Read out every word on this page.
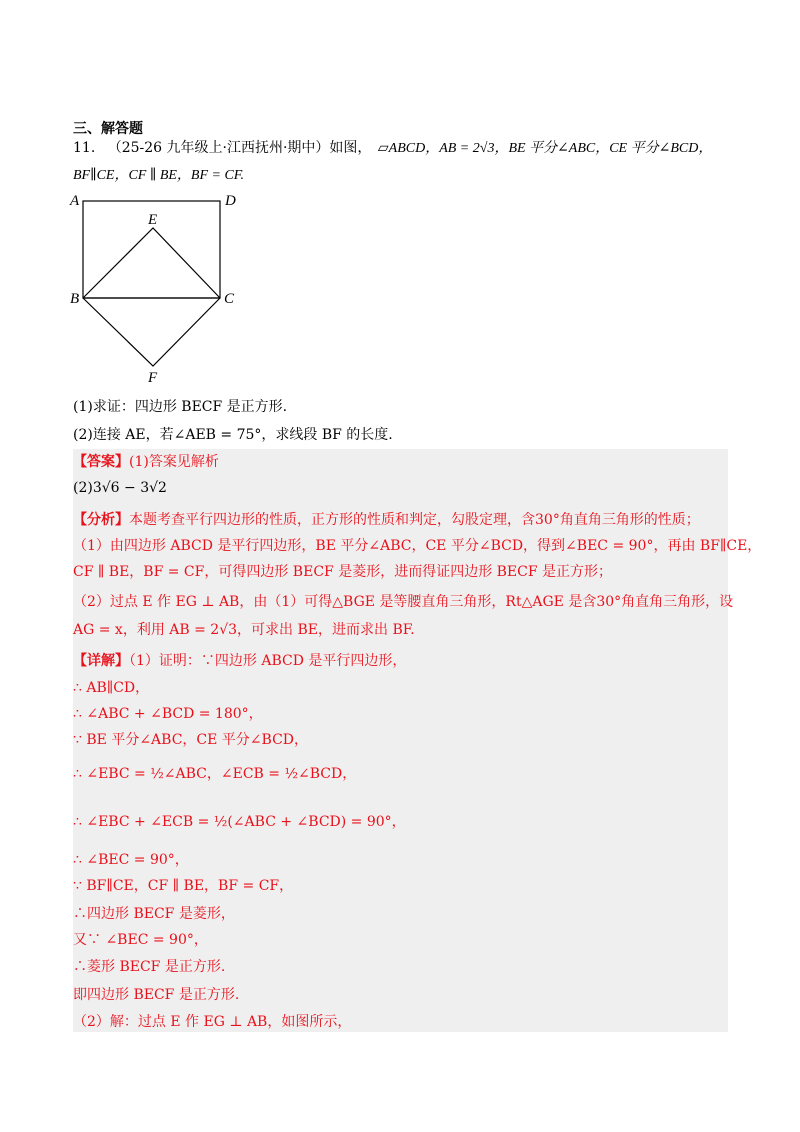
三、解答题
11. （25-26 九年级上·江西抚州·期中）如图， ▱ABCD，AB = 2√3，BE 平分∠ABC，CE 平分∠BCD，
BF∥CE，CF ∥ BE，BF = CF.
A	D
E
B	C
F
(1)求证：四边形 BECF 是正方形.
(2)连接 AE，若∠AEB = 75°，求线段 BF 的长度.
【答案】(1)答案见解析
(2)3√6 − 3√2
【分析】本题考查平行四边形的性质，正方形的性质和判定，勾股定理，含30°角直角三角形的性质；
（1）由四边形 ABCD 是平行四边形，BE 平分∠ABC，CE 平分∠BCD，得到∠BEC = 90°，再由 BF∥CE，
CF ∥ BE，BF = CF，可得四边形 BECF 是菱形，进而得证四边形 BECF 是正方形；
（2）过点 E 作 EG ⊥ AB，由（1）可得△BGE 是等腰直角三角形，Rt△AGE 是含30°角直角三角形，设
AG = x，利用 AB = 2√3，可求出 BE，进而求出 BF.
【详解】（1）证明：∵四边形 ABCD 是平行四边形，
∴ AB∥CD，
∴ ∠ABC + ∠BCD = 180°，
∵ BE 平分∠ABC，CE 平分∠BCD，
∴ ∠EBC = ½∠ABC，∠ECB = ½∠BCD，
∴ ∠EBC + ∠ECB = ½(∠ABC + ∠BCD) = 90°，
∴ ∠BEC = 90°，
∵ BF∥CE，CF ∥ BE，BF = CF，
∴四边形 BECF 是菱形，
又∵ ∠BEC = 90°，
∴菱形 BECF 是正方形.
即四边形 BECF 是正方形.
（2）解：过点 E 作 EG ⊥ AB，如图所示，
